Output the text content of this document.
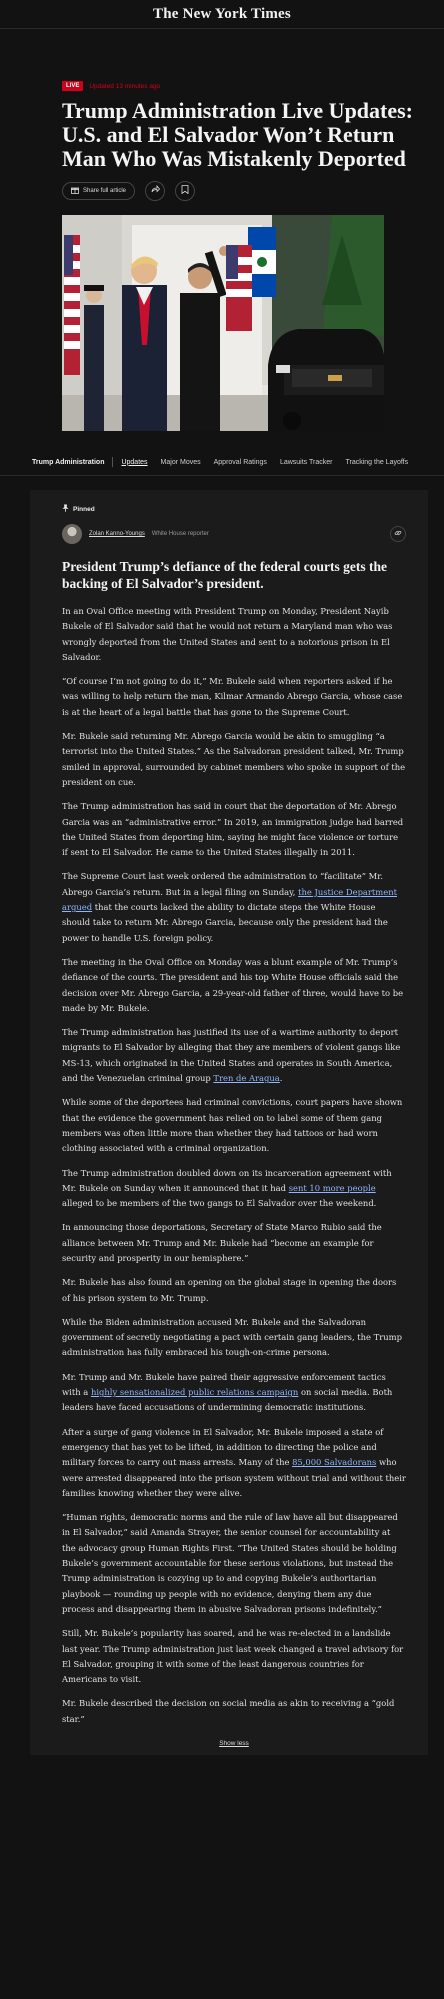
The New York Times
LIVE	Updated 13 minutes ago
Trump Administration Live Updates: U.S. and El Salvador Won’t Return Man Who Was Mistakenly Deported
Share full article
Trump Administration Updates Major Moves Approval Ratings Lawsuits Tracker Tracking the Layoffs
Pinned
Zolan Kanno-Youngs White House reporter
President Trump’s defiance of the federal courts gets the backing of El Salvador’s president.

In an Oval Office meeting with President Trump on Monday, President Nayib Bukele of El Salvador said that he would not return a Maryland man who was wrongly deported from the United States and sent to a notorious prison in El Salvador.

“Of course I’m not going to do it,” Mr. Bukele said when reporters asked if he was willing to help return the man, Kilmar Armando Abrego Garcia, whose case is at the heart of a legal battle that has gone to the Supreme Court.

Mr. Bukele said returning Mr. Abrego Garcia would be akin to smuggling “a terrorist into the United States.” As the Salvadoran president talked, Mr. Trump smiled in approval, surrounded by cabinet members who spoke in support of the president on cue.

The Trump administration has said in court that the deportation of Mr. Abrego Garcia was an “administrative error.” In 2019, an immigration judge had barred the United States from deporting him, saying he might face violence or torture if sent to El Salvador. He came to the United States illegally in 2011.

The Supreme Court last week ordered the administration to “facilitate” Mr. Abrego Garcia’s return. But in a legal filing on Sunday, the Justice Department argued that the courts lacked the ability to dictate steps the White House should take to return Mr. Abrego Garcia, because only the president had the power to handle U.S. foreign policy.

The meeting in the Oval Office on Monday was a blunt example of Mr. Trump’s defiance of the courts. The president and his top White House officials said the decision over Mr. Abrego Garcia, a 29-year-old father of three, would have to be made by Mr. Bukele.

The Trump administration has justified its use of a wartime authority to deport migrants to El Salvador by alleging that they are members of violent gangs like MS-13, which originated in the United States and operates in South America, and the Venezuelan criminal group Tren de Aragua.

While some of the deportees had criminal convictions, court papers have shown that the evidence the government has relied on to label some of them gang members was often little more than whether they had tattoos or had worn clothing associated with a criminal organization.

The Trump administration doubled down on its incarceration agreement with Mr. Bukele on Sunday when it announced that it had sent 10 more people alleged to be members of the two gangs to El Salvador over the weekend.

In announcing those deportations, Secretary of State Marco Rubio said the alliance between Mr. Trump and Mr. Bukele had “become an example for security and prosperity in our hemisphere.”

Mr. Bukele has also found an opening on the global stage in opening the doors of his prison system to Mr. Trump.

While the Biden administration accused Mr. Bukele and the Salvadoran government of secretly negotiating a pact with certain gang leaders, the Trump administration has fully embraced his tough-on-crime persona.

Mr. Trump and Mr. Bukele have paired their aggressive enforcement tactics with a highly sensationalized public relations campaign on social media. Both leaders have faced accusations of undermining democratic institutions.

After a surge of gang violence in El Salvador, Mr. Bukele imposed a state of emergency that has yet to be lifted, in addition to directing the police and military forces to carry out mass arrests. Many of the 85,000 Salvadorans who were arrested disappeared into the prison system without trial and without their families knowing whether they were alive.

“Human rights, democratic norms and the rule of law have all but disappeared in El Salvador,” said Amanda Strayer, the senior counsel for accountability at the advocacy group Human Rights First. “The United States should be holding Bukele’s government accountable for these serious violations, but instead the Trump administration is cozying up to and copying Bukele’s authoritarian playbook — rounding up people with no evidence, denying them any due process and disappearing them in abusive Salvadoran prisons indefinitely.”

Still, Mr. Bukele’s popularity has soared, and he was re-elected in a landslide last year. The Trump administration just last week changed a travel advisory for El Salvador, grouping it with some of the least dangerous countries for Americans to visit.

Mr. Bukele described the decision on social media as akin to receiving a “gold star.”

Show less
